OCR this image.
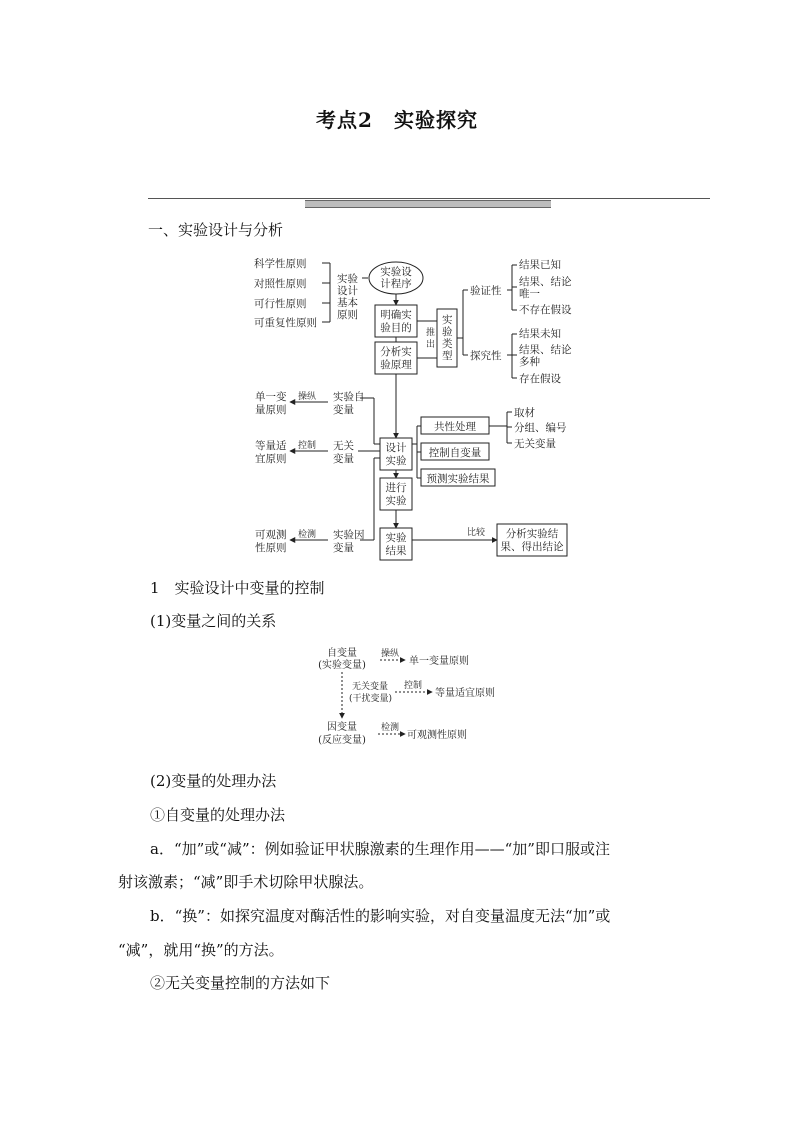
考点2　实验探究
一、实验设计与分析
科学性原则
对照性原则
可行性原则
可重复性原则
实验
设计
基本
原则
实验设
计程序
明确实
验目的
分析实
验原理
推
出
实
验
类
型
验证性
探究性
结果已知
结果、结论
唯一
不存在假设
结果未知
结果、结论
多种
存在假设
单一变
量原则
操纵 实验自
变量
等量适
宜原则
控制 无关
变量
可观测
性原则
检测 实验因
变量
设计
实验
进行
实验
实验
结果
共性处理
控制自变量
预测实验结果
取材
分组、编号
无关变量
比较 分析实验结
果、得出结论
自变量
(实验变量)
操纵
单一变量原则
无关变量
(干扰变量)
控制
等量适宜原则
因变量
(反应变量)
检测
可观测性原则
1　实验设计中变量的控制
(1)变量之间的关系
(2)变量的处理办法
①自变量的处理办法
a．“加”或“减”：例如验证甲状腺激素的生理作用——“加”即口服或注
射该激素；“减”即手术切除甲状腺法。
b．“换”：如探究温度对酶活性的影响实验，对自变量温度无法“加”或
“减”，就用“换”的方法。
②无关变量控制的方法如下
